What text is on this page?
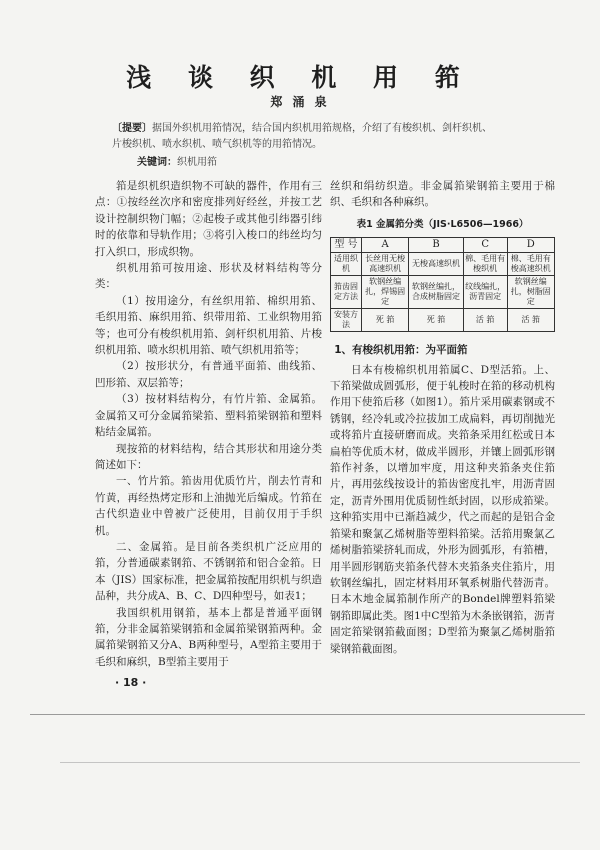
浅 谈 织 机 用 筘
郑 涌 泉
〔提要〕据国外织机用筘情况，结合国内织机用筘规格，介绍了有梭织机、剑杆织机、片梭织机、喷水织机、喷气织机等的用筘情况。
关键词：织机用筘

筘是织机织造织物不可缺的器件，作用有三点：①按经丝次序和密度排列好经丝，并按工艺设计控制织物门幅；②起梭子或其他引纬器引纬时的依靠和导轨作用；③将引入梭口的纬丝均匀打入织口，形成织物。

织机用筘可按用途、形状及材料结构等分类：

（1）按用途分，有丝织用筘、棉织用筘、毛织用筘、麻织用筘、织带用筘、工业织物用筘等；也可分有梭织机用筘、剑杆织机用筘、片梭织机用筘、喷水织机用筘、喷气织机用筘等；

（2）按形状分，有普通平面筘、曲线筘、凹形筘、双层筘等；

（3）按材料结构分，有竹片筘、金属筘。金属筘又可分金属筘梁筘、塑料筘梁钢筘和塑料粘结金属筘。

现按筘的材料结构，结合其形状和用途分类简述如下：

一、竹片筘。筘齿用优质竹片，削去竹青和竹黄，再经热烤定形和上油抛光后编成。竹筘在古代织造业中曾被广泛使用，目前仅用于手织机。

二、金属筘。是目前各类织机广泛应用的筘，分普通碳素钢筘、不锈钢筘和铝合金筘。日本（JIS）国家标准，把金属筘按配用织机与织造品种，共分成A、B、C、D四种型号，如表1；

我国织机用钢筘，基本上都是普通平面钢筘，分非金属筘梁钢筘和金属筘梁钢筘两种。金属筘梁钢筘又分A、B两种型号，A型筘主要用于毛织和麻织，B型筘主要用于

丝织和绢纺织造。非金属筘梁钢筘主要用于棉织、毛织和各种麻织。

表1 金属筘分类（JIS·L6506—1966）
型 号	A	B	C	D
适用织机	长丝用无梭高速织机	无梭高速织机	棉、毛用有梭织机	棉、毛用有梭高速织机
筘齿固定方法	软钢丝编扎，焊锡固定	软钢丝编扎，合成树脂固定	纹线编扎，沥青固定	软钢丝编扎，树脂固定
安装方法	死 筘	死 筘	活 筘	活 筘
1、有梭织机用筘：为平面筘

日本有梭棉织机用筘属C、D型活筘。上、下筘梁做成圆弧形，便于轧梭时在筘的移动机构作用下使筘后移（如图1）。筘片采用碳素钢或不锈钢，经冷轧或冷拉拔加工成扁料，再切削抛光或将筘片直接研磨而成。夹筘条采用红松或日本扁柏等优质木材，做成半圆形，并镶上圆弧形钢筘作衬条，以增加牢度，用这种夹筘条夹住筘片，再用弦线按设计的筘齿密度扎牢，用沥青固定，沥青外围用优质韧性纸封固，以形成筘梁。这种筘实用中已渐趋减少，代之而起的是铝合金筘梁和聚氯乙烯树脂等塑料筘梁。活筘用聚氯乙烯树脂筘梁挤轧而成，外形为圆弧形，有筘槽，用半圆形钢筋夹筘条代替木夹筘条夹住筘片，用软钢丝编扎，固定材料用环氧系树脂代替沥青。日本木地金属筘制作所产的Bondel牌塑料筘梁钢筘即属此类。图1中C型筘为木条嵌钢筘，沥青固定筘梁钢筘截面图；D型筘为聚氯乙烯树脂筘梁钢筘截面图。

· 18 ·
